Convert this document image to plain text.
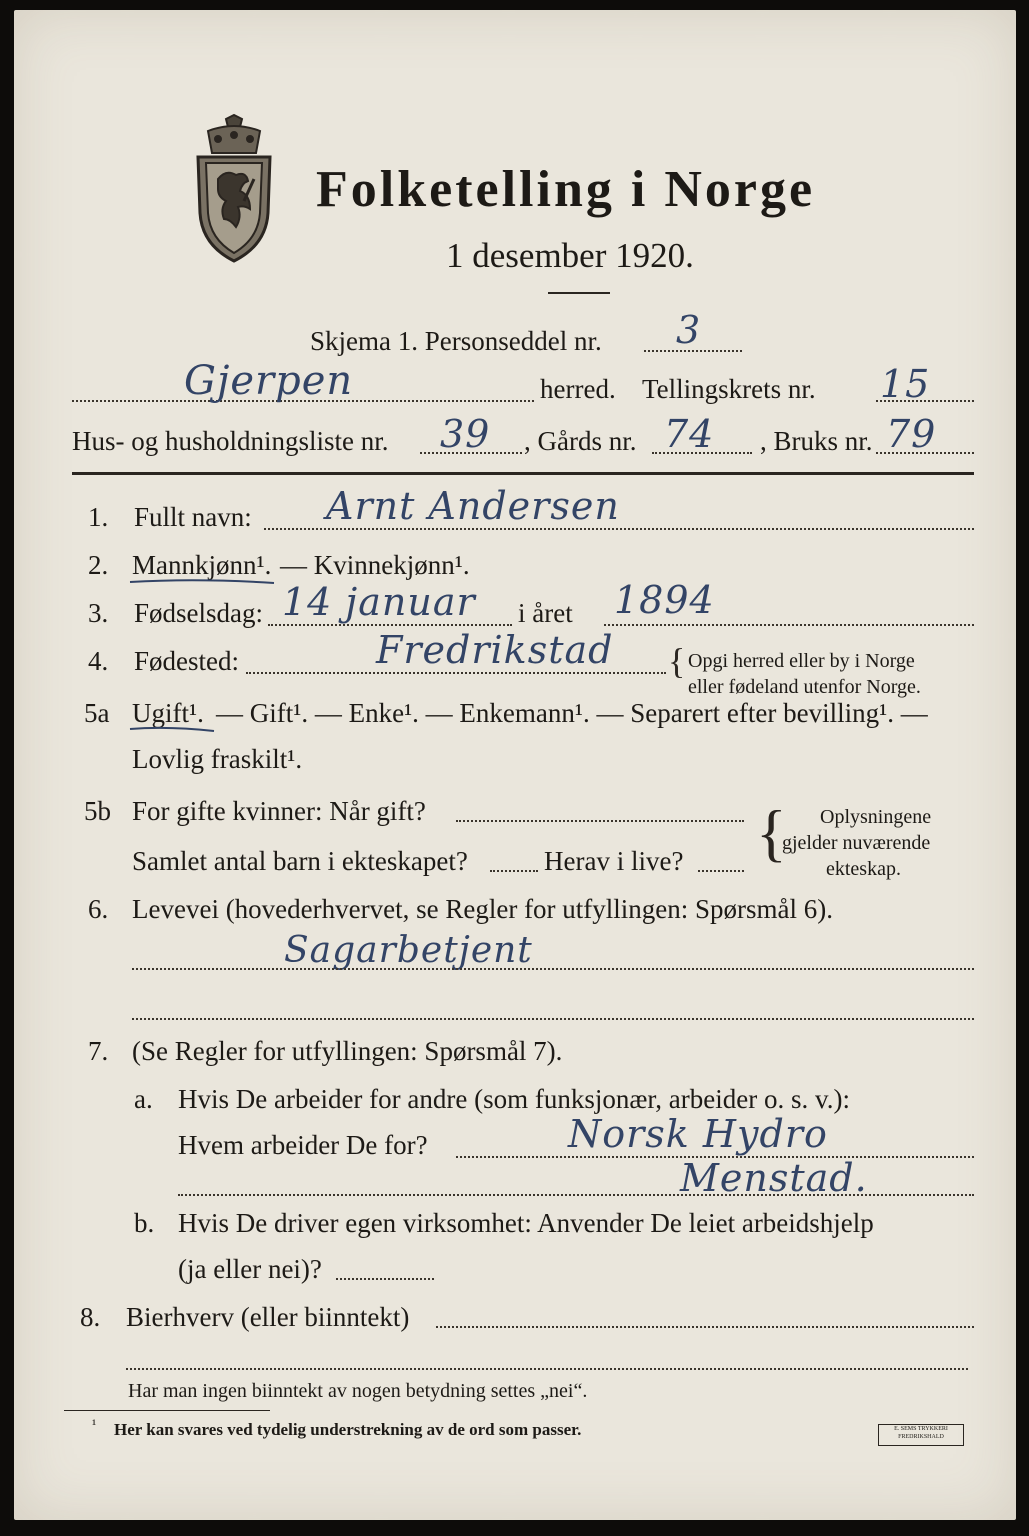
Folketelling i Norge
1 desember 1920.
Skjema 1. Personseddel nr. 3
Gjerpen	herred. Tellingskrets nr. 15
Hus- og husholdningsliste nr. 39 , Gårds nr. 74 , Bruks nr. 79
1. Fullt navn: Arnt Andersen
2. Mannkjønn¹. — Kvinnekjønn¹.
3. Fødselsdag: 14 januar i året 1894
4. Fødested:	Fredrikstad { Opgi herred eller by i Norge
eller fødeland utenfor Norge.
5a Ugift¹. — Gift¹. — Enke¹. — Enkemann¹. — Separert efter bevilling¹. —
Lovlig fraskilt¹.
5b For gifte kvinner: Når gift?
Samlet antal barn i ekteskapet?	Herav i live? { Oplysningene
gjelder nuværende
ekteskap.
6. Levevei (hovederhvervet, se Regler for utfyllingen: Spørsmål 6).
Sagarbetjent
7. (Se Regler for utfyllingen: Spørsmål 7).
a. Hvis De arbeider for andre (som funksjonær, arbeider o. s. v.):
Hvem arbeider De for?	Norsk Hydro
Menstad.
b. Hvis De driver egen virksomhet: Anvender De leiet arbeidshjelp
(ja eller nei)?
8. Bierhverv (eller biinntekt)
Har man ingen biinntekt av nogen betydning settes „nei“.
¹ Her kan svares ved tydelig understrekning av de ord som passer.	E. SEMS TRYKKERI
FREDRIKSHALD
